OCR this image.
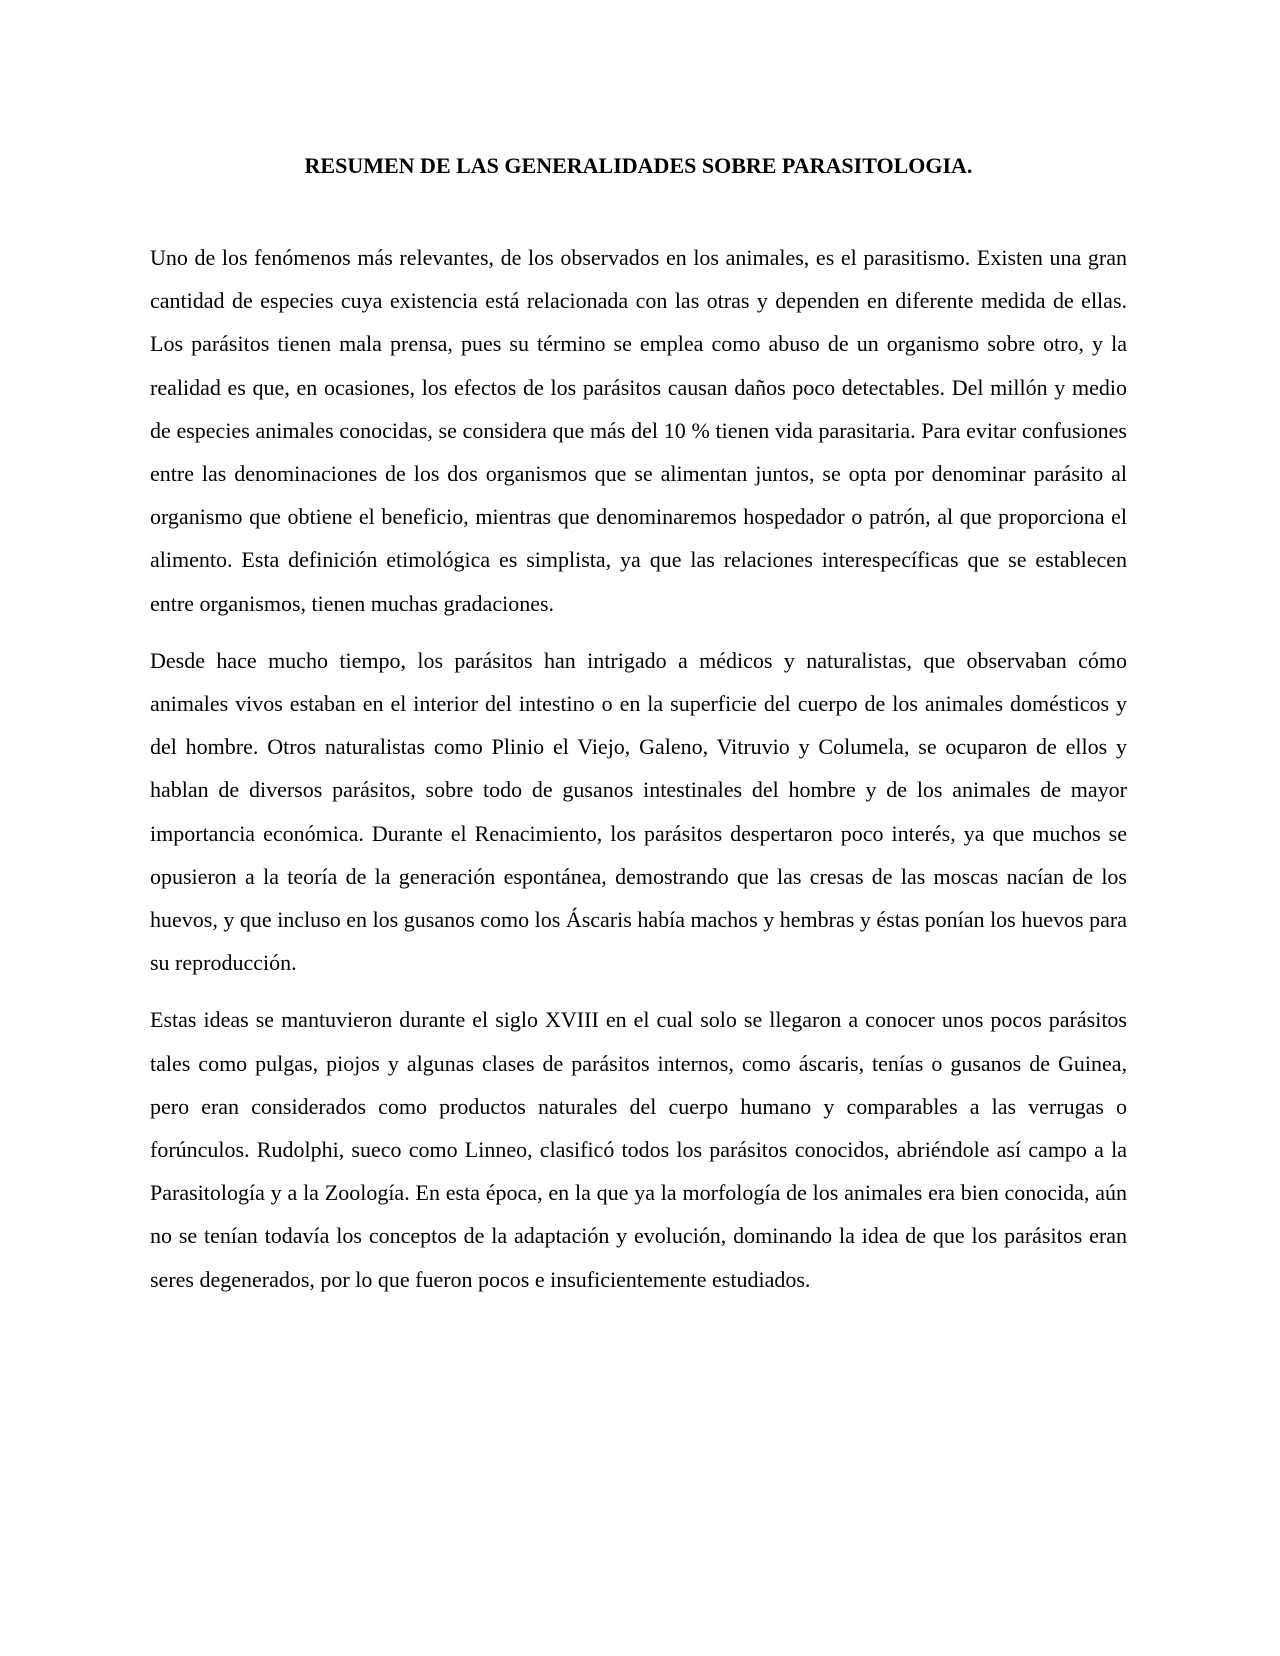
RESUMEN DE LAS GENERALIDADES SOBRE PARASITOLOGIA.

Uno de los fenómenos más relevantes, de los observados en los animales, es el parasitismo. Existen una gran cantidad de especies cuya existencia está relacionada con las otras y dependen en diferente medida de ellas. Los parásitos tienen mala prensa, pues su término se emplea como abuso de un organismo sobre otro, y la realidad es que, en ocasiones, los efectos de los parásitos causan daños poco detectables. Del millón y medio de especies animales conocidas, se considera que más del 10 % tienen vida parasitaria. Para evitar confusiones entre las denominaciones de los dos organismos que se alimentan juntos, se opta por denominar parásito al organismo que obtiene el beneficio, mientras que denominaremos hospedador o patrón, al que proporciona el alimento. Esta definición etimológica es simplista, ya que las relaciones interespecíficas que se establecen entre organismos, tienen muchas gradaciones.

Desde hace mucho tiempo, los parásitos han intrigado a médicos y naturalistas, que observaban cómo animales vivos estaban en el interior del intestino o en la superficie del cuerpo de los animales domésticos y del hombre. Otros naturalistas como Plinio el Viejo, Galeno, Vitruvio y Columela, se ocuparon de ellos y hablan de diversos parásitos, sobre todo de gusanos intestinales del hombre y de los animales de mayor importancia económica. Durante el Renacimiento, los parásitos despertaron poco interés, ya que muchos se opusieron a la teoría de la generación espontánea, demostrando que las cresas de las moscas nacían de los huevos, y que incluso en los gusanos como los Áscaris había machos y hembras y éstas ponían los huevos para su reproducción.

Estas ideas se mantuvieron durante el siglo XVIII en el cual solo se llegaron a conocer unos pocos parásitos tales como pulgas, piojos y algunas clases de parásitos internos, como áscaris, tenías o gusanos de Guinea, pero eran considerados como productos naturales del cuerpo humano y comparables a las verrugas o forúnculos. Rudolphi, sueco como Linneo, clasificó todos los parásitos conocidos, abriéndole así campo a la Parasitología y a la Zoología. En esta época, en la que ya la morfología de los animales era bien conocida, aún no se tenían todavía los conceptos de la adaptación y evolución, dominando la idea de que los parásitos eran seres degenerados, por lo que fueron pocos e insuficientemente estudiados.
